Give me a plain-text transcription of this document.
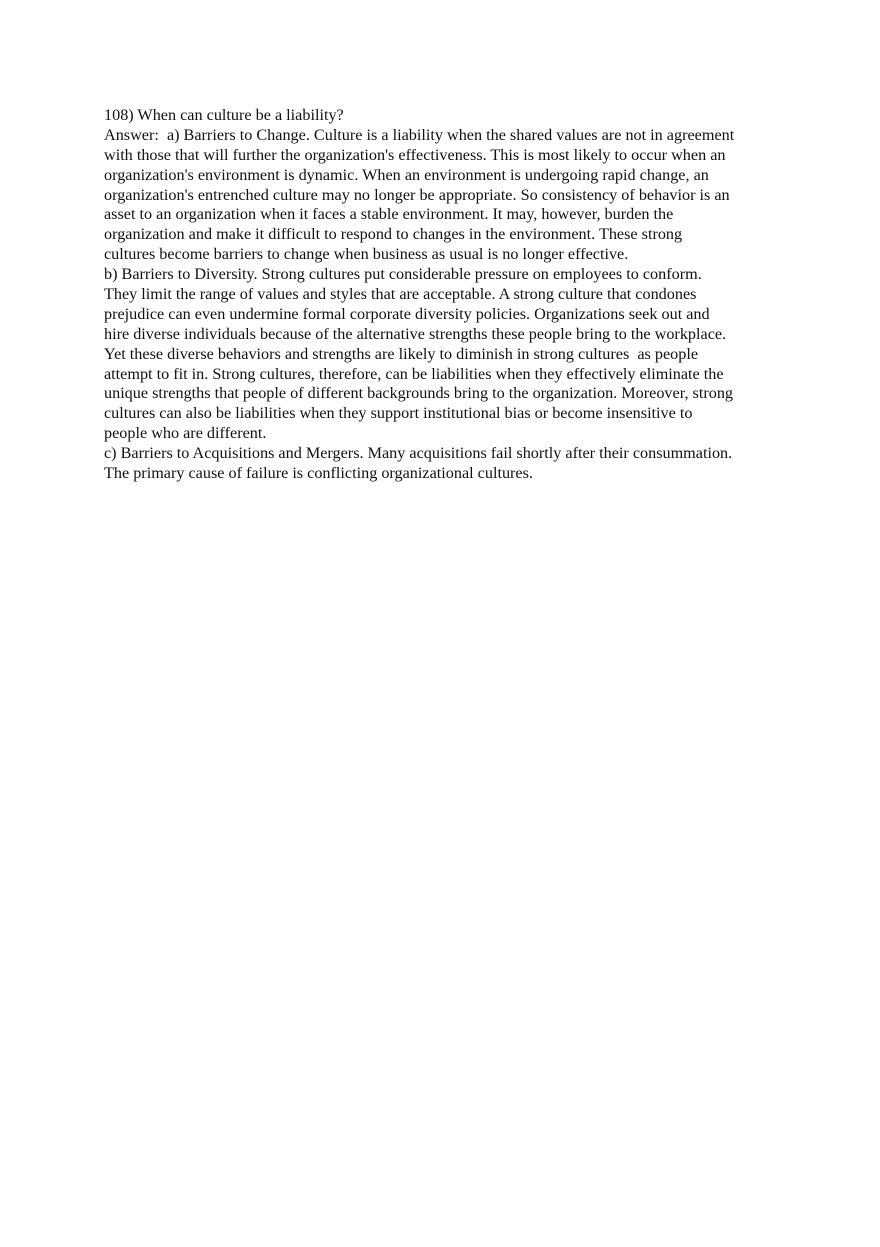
108) When can culture be a liability?
Answer:  a) Barriers to Change. Culture is a liability when the shared values are not in agreement
with those that will further the organization's effectiveness. This is most likely to occur when an
organization's environment is dynamic. When an environment is undergoing rapid change, an
organization's entrenched culture may no longer be appropriate. So consistency of behavior is an
asset to an organization when it faces a stable environment. It may, however, burden the
organization and make it difficult to respond to changes in the environment. These strong
cultures become barriers to change when business as usual is no longer effective.
b) Barriers to Diversity. Strong cultures put considerable pressure on employees to conform.
They limit the range of values and styles that are acceptable. A strong culture that condones
prejudice can even undermine formal corporate diversity policies. Organizations seek out and
hire diverse individuals because of the alternative strengths these people bring to the workplace.
Yet these diverse behaviors and strengths are likely to diminish in strong cultures  as people
attempt to fit in. Strong cultures, therefore, can be liabilities when they effectively eliminate the
unique strengths that people of different backgrounds bring to the organization. Moreover, strong
cultures can also be liabilities when they support institutional bias or become insensitive to
people who are different.
c) Barriers to Acquisitions and Mergers. Many acquisitions fail shortly after their consummation.
The primary cause of failure is conflicting organizational cultures.
